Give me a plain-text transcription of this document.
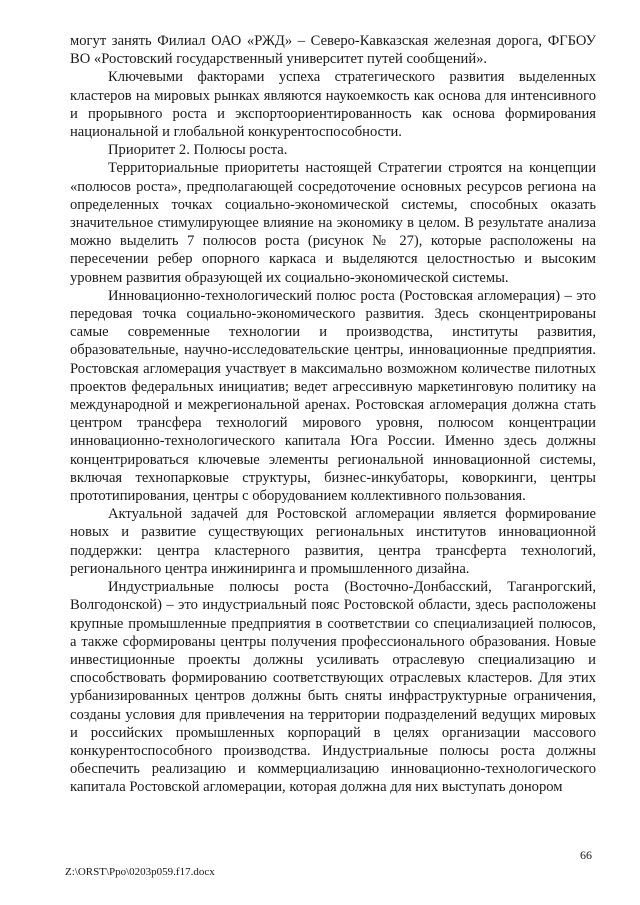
могут занять Филиал ОАО «РЖД» – Северо-Кавказская железная дорога, ФГБОУ ВО «Ростовский государственный университет путей сообщений».

Ключевыми факторами успеха стратегического развития выделенных кластеров на мировых рынках являются наукоемкость как основа для интенсивного и прорывного роста и экспортоориентированность как основа формирования национальной и глобальной конкурентоспособности.

Приоритет 2. Полюсы роста.

Территориальные приоритеты настоящей Стратегии строятся на концепции «полюсов роста», предполагающей сосредоточение основных ресурсов региона на определенных точках социально-экономической системы, способных оказать значительное стимулирующее влияние на экономику в целом. В результате анализа можно выделить 7 полюсов роста (рисунок № 27), которые расположены на пересечении ребер опорного каркаса и выделяются целостностью и высоким уровнем развития образующей их социально-экономической системы.

Инновационно-технологический полюс роста (Ростовская агломерация) – это передовая точка социально-экономического развития. Здесь сконцентрированы самые современные технологии и производства, институты развития, образовательные, научно-исследовательские центры, инновационные предприятия. Ростовская агломерация участвует в максимально возможном количестве пилотных проектов федеральных инициатив; ведет агрессивную маркетинговую политику на международной и межрегиональной аренах. Ростовская агломерация должна стать центром трансфера технологий мирового уровня, полюсом концентрации инновационно-технологического капитала Юга России. Именно здесь должны концентрироваться ключевые элементы региональной инновационной системы, включая технопарковые структуры, бизнес-инкубаторы, коворкинги, центры прототипирования, центры с оборудованием коллективного пользования.

Актуальной задачей для Ростовской агломерации является формирование новых и развитие существующих региональных институтов инновационной поддержки: центра кластерного развития, центра трансферта технологий, регионального центра инжиниринга и промышленного дизайна.

Индустриальные полюсы роста (Восточно-Донбасский, Таганрогский, Волгодонской) – это индустриальный пояс Ростовской области, здесь расположены крупные промышленные предприятия в соответствии со специализацией полюсов, а также сформированы центры получения профессионального образования. Новые инвестиционные проекты должны усиливать отраслевую специализацию и способствовать формированию соответствующих отраслевых кластеров. Для этих урбанизированных центров должны быть сняты инфраструктурные ограничения, созданы условия для привлечения на территории подразделений ведущих мировых и российских промышленных корпораций в целях организации массового конкурентоспособного производства. Индустриальные полюсы роста должны обеспечить реализацию и коммерциализацию инновационно-технологического капитала Ростовской агломерации, которая должна для них выступать донором

66
Z:\ORST\Ppo\0203p059.f17.docx
